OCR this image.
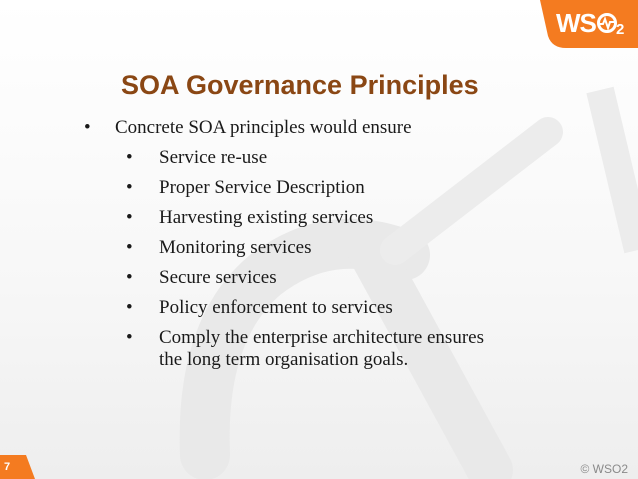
WS 2
SOA Governance Principles
•	Concrete SOA principles would ensure
•	Service re-use
•	Proper Service Description
•	Harvesting existing services
•	Monitoring services
•	Secure services
•	Policy enforcement to services
•	Comply the enterprise architecture ensures
the long term organisation goals.
7	© WSO2
